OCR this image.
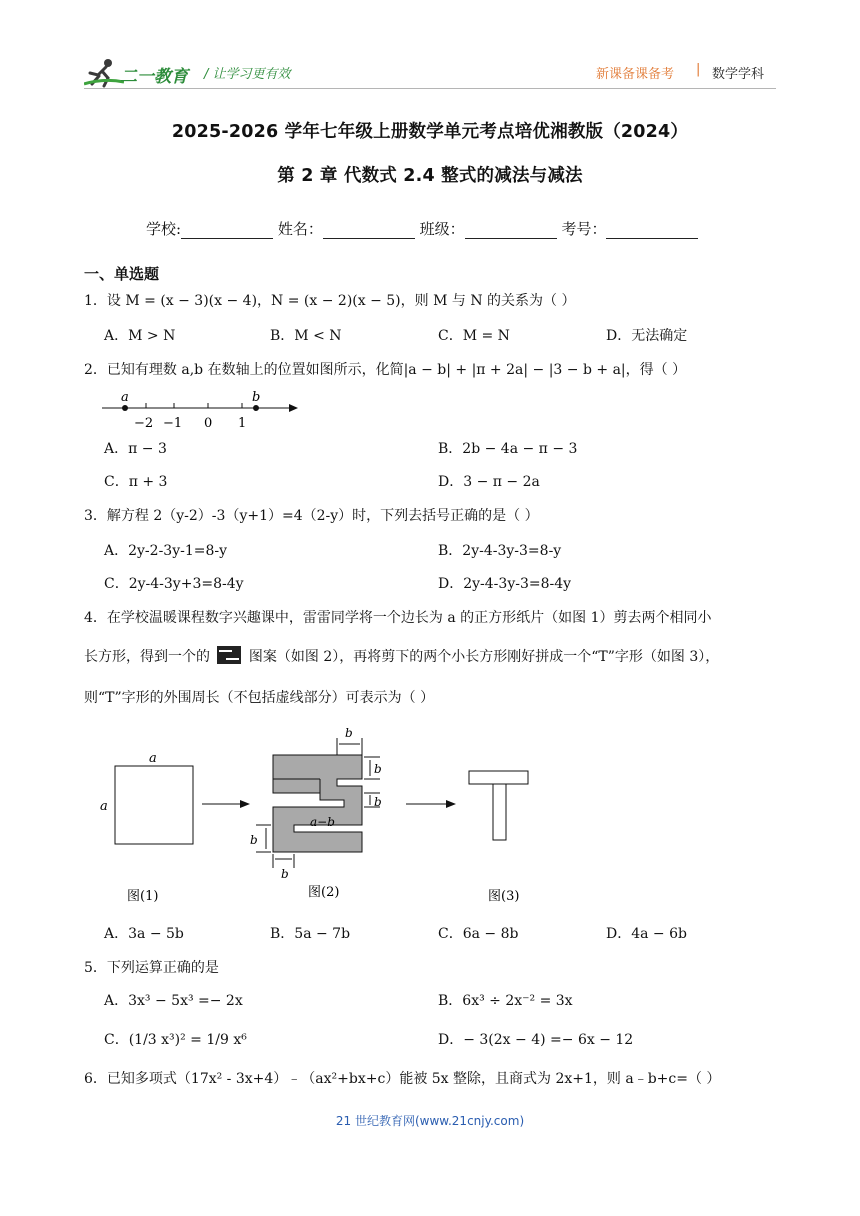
二一教育 / 让学习更有效	新课备课备考 | 数学学科
2025-2026 学年七年级上册数学单元考点培优湘教版（2024）
第 2 章 代数式 2.4 整式的减法与减法
学校:	姓名：	班级：	考号：
一、单选题
1．设 M = (x − 3)(x − 4)，N = (x − 2)(x − 5)，则 M 与 N 的关系为（ ）
A．M > N	B．M < N	C．M = N	D．无法确定
2．已知有理数 a,b 在数轴上的位置如图所示，化简|a − b| + |π + 2a| − |3 − b + a|，得（ ）
a	b
−2 −1 0 1
A．π − 3	B．2b − 4a − π − 3
C．π + 3	D．3 − π − 2a
3．解方程 2（y-2）-3（y+1）=4（2-y）时，下列去括号正确的是（ ）
A．2y-2-3y-1=8-y	B．2y-4-3y-3=8-y
C．2y-4-3y+3=8-4y	D．2y-4-3y-3=8-4y
4．在学校温暖课程数字兴趣课中，雷雷同学将一个边长为 a 的正方形纸片（如图 1）剪去两个相同小
长方形，得到一个的	图案（如图 2），再将剪下的两个小长方形刚好拼成一个“T”字形（如图 3），
则“T”字形的外围周长（不包括虚线部分）可表示为（ ）
a
a
b
b
b
a−b
b
b
图(1)	图(2)	图(3)
A．3a − 5b	B．5a − 7b	C．6a − 8b	D．4a − 6b
5．下列运算正确的是
A．3x³ − 5x³ =− 2x	B．6x³ ÷ 2x⁻² = 3x
C．(1/3 x³)² = 1/9 x⁶	D．− 3(2x − 4) =− 6x − 12
6．已知多项式（17x² - 3x+4）﹣（ax²+bx+c）能被 5x 整除，且商式为 2x+1，则 a﹣b+c=（ ）
21 世纪教育网(www.21cnjy.com)
